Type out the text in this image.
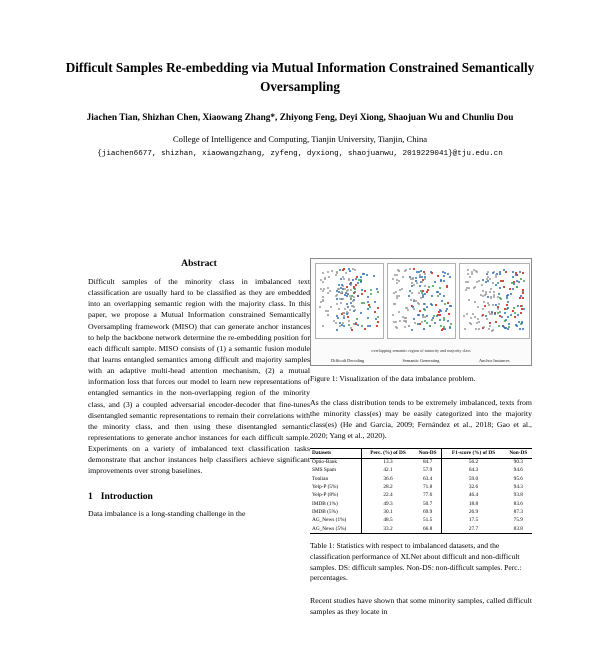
Difficult Samples Re-embedding via Mutual Information Constrained Semantically Oversampling
Jiachen Tian, Shizhan Chen, Xiaowang Zhang*, Zhiyong Feng, Deyi Xiong, Shaojuan Wu and Chunliu Dou
College of Intelligence and Computing, Tianjin University, Tianjin, China
{jiachen6677, shizhan, xiaowangzhang, zyfeng, dyxiong, shaojuanwu, 2019229041}@tju.edu.cn
Abstract

Difficult samples of the minority class in imbalanced text classification are usually hard to be classified as they are embedded into an overlapping semantic region with the majority class. In this paper, we propose a Mutual Information constrained Semantically Oversampling framework (MISO) that can generate anchor instances to help the backbone network determine the re-embedding position for each difficult sample. MISO consists of (1) a semantic fusion module that learns entangled semantics among difficult and majority samples with an adaptive multi-head attention mechanism, (2) a mutual information loss that forces our model to learn new representations of entangled semantics in the non-overlapping region of the minority class, and (3) a coupled adversarial encoder-decoder that fine-tunes disentangled semantic representations to remain their correlations with the minority class, and then using these disentangled semantic representations to generate anchor instances for each difficult sample. Experiments on a variety of imbalanced text classification tasks demonstrate that anchor instances help classifiers achieve significant improvements over strong baselines.

1 Introduction

Data imbalance is a long-standing challenge in the

overlapping semantic region of minority and majority class
Difficult Decoding	Semantic Generating	Anchor Instances
Figure 1: Visualization of the data imbalance problem.

As the class distribution tends to be extremely imbalanced, texts from the minority class(es) may be easily categorized into the majority class(es) (He and Garcia, 2009; Fernández et al., 2018; Gao et al., 2020; Yang et al., 2020).

Datasets	Perc. (%) of DS	Non-DS	F1-score (%) of DS	Non-DS
Optio-Bank	13.3	84.7	56.2	90.3
SMS Spam	42.1	57.9	64.3	94.6
Tonlian	36.6	63.4	59.0	95.6
Yelp-P (5%)	28.2	71.8	32.6	94.3
Yelp-P (8%)	22.4	77.6	46.4	93.8
IMDB (1%)	49.3	50.7	18.8	83.6
IMDB (5%)	30.1	69.9	26.9	87.3
AG_News (1%)	48.5	51.5	17.5	75.9
AG_News (5%)	33.2	66.8	27.7	83.8
Table 1: Statistics with respect to imbalanced datasets, and the classification performance of XLNet about difficult and non-difficult samples. DS: difficult samples. Non-DS: non-difficult samples. Perc.: percentages.

Recent studies have shown that some minority samples, called difficult samples as they locate in
